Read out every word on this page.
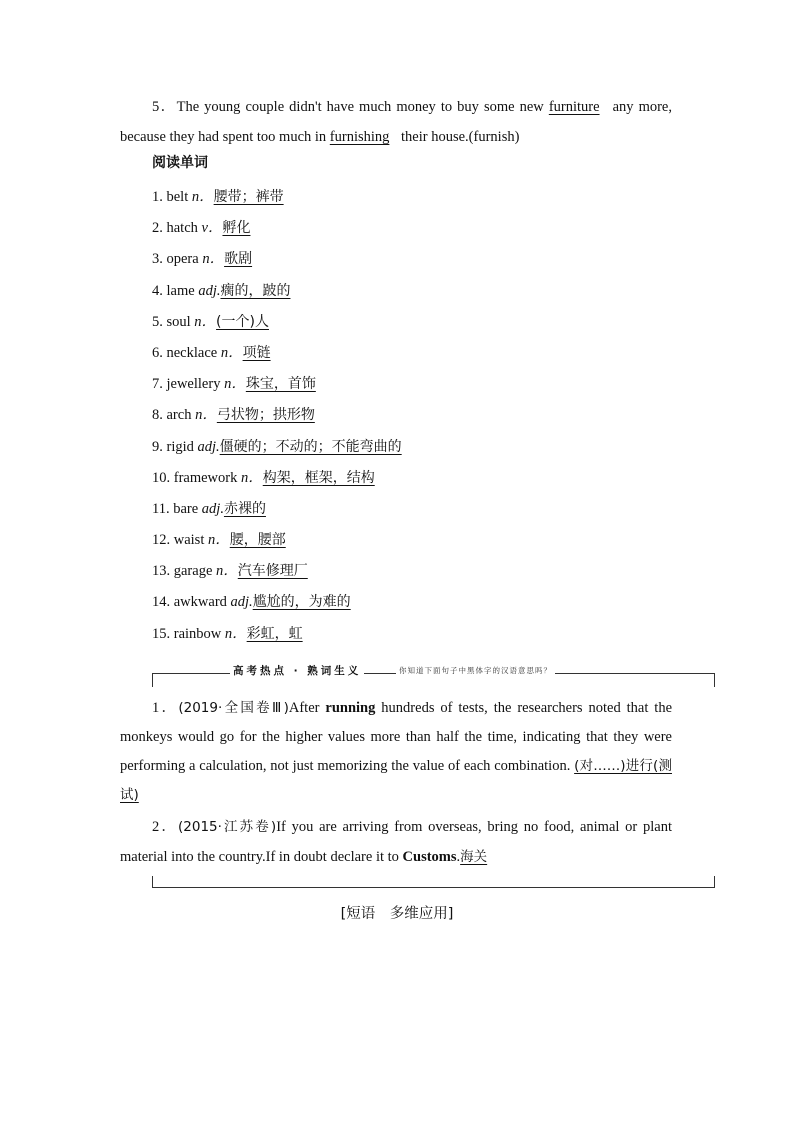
5．The young couple didn't have much money to buy some new furniture any more, because they had spent too much in furnishing their house.(furnish)
阅读单词
1. belt n．腰带；裤带
2. hatch v．孵化
3. opera n．歌剧
4. lame adj.瘸的，跛的
5. soul n．(一个)人
6. necklace n．项链
7. jewellery n．珠宝，首饰
8. arch n．弓状物；拱形物
9. rigid adj.僵硬的；不动的；不能弯曲的
10. framework n．构架，框架，结构
11. bare adj.赤裸的
12. waist n．腰，腰部
13. garage n．汽车修理厂
14. awkward adj.尴尬的，为难的
15. rainbow n．彩虹，虹
高考热点 · 熟词生义	你知道下面句子中黑体字的汉语意思吗？
1．(2019·全国卷Ⅲ)After running hundreds of tests, the researchers noted that the monkeys would go for the higher values more than half the time, indicating that they were performing a calculation, not just memorizing the value of each combination. (对……)进行(测试)
2．(2015·江苏卷)If you are arriving from overseas, bring no food, animal or plant material into the country.If in doubt declare it to Customs.海关
[短语　多维应用]
